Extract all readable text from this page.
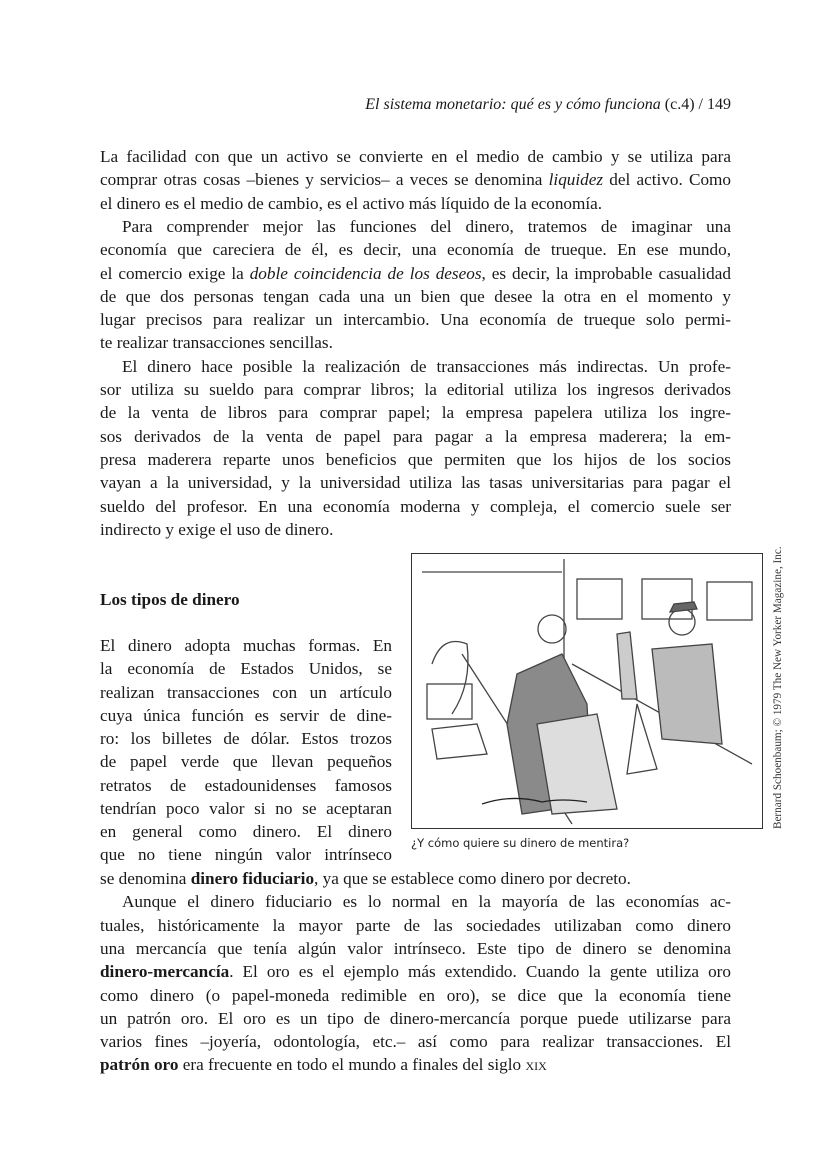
El sistema monetario: qué es y cómo funciona (c.4) / 149
La facilidad con que un activo se convierte en el medio de cambio y se utiliza para
comprar otras cosas –bienes y servicios– a veces se denomina liquidez del activo. Como
el dinero es el medio de cambio, es el activo más líquido de la economía.
Para comprender mejor las funciones del dinero, tratemos de imaginar una
economía que careciera de él, es decir, una economía de trueque. En ese mundo,
el comercio exige la doble coincidencia de los deseos, es decir, la improbable casualidad
de que dos personas tengan cada una un bien que desee la otra en el momento y
lugar precisos para realizar un intercambio. Una economía de trueque solo permi-
te realizar transacciones sencillas.
El dinero hace posible la realización de transacciones más indirectas. Un profe-
sor utiliza su sueldo para comprar libros; la editorial utiliza los ingresos derivados
de la venta de libros para comprar papel; la empresa papelera utiliza los ingre-
sos derivados de la venta de papel para pagar a la empresa maderera; la em-
presa maderera reparte unos beneficios que permiten que los hijos de los socios
vayan a la universidad, y la universidad utiliza las tasas universitarias para pagar el
sueldo del profesor. En una economía moderna y compleja, el comercio suele ser
indirecto y exige el uso de dinero.
Los tipos de dinero
El dinero adopta muchas formas. En
la economía de Estados Unidos, se
realizan transacciones con un artículo
cuya única función es servir de dine-
ro: los billetes de dólar. Estos trozos
de papel verde que llevan pequeños
retratos de estadounidenses famosos
tendrían poco valor si no se aceptaran
en general como dinero. El dinero
que no tiene ningún valor intrínseco
¿Y cómo quiere su dinero de mentira?
Bernard Schoenbaum; © 1979 The New Yorker Magazine, Inc.
se denomina dinero fiduciario, ya que se establece como dinero por decreto.
Aunque el dinero fiduciario es lo normal en la mayoría de las economías ac-
tuales, históricamente la mayor parte de las sociedades utilizaban como dinero
una mercancía que tenía algún valor intrínseco. Este tipo de dinero se denomina
dinero-mercancía. El oro es el ejemplo más extendido. Cuando la gente utiliza oro
como dinero (o papel-moneda redimible en oro), se dice que la economía tiene
un patrón oro. El oro es un tipo de dinero-mercancía porque puede utilizarse para
varios fines –joyería, odontología, etc.– así como para realizar transacciones. El
patrón oro era frecuente en todo el mundo a finales del siglo xix
